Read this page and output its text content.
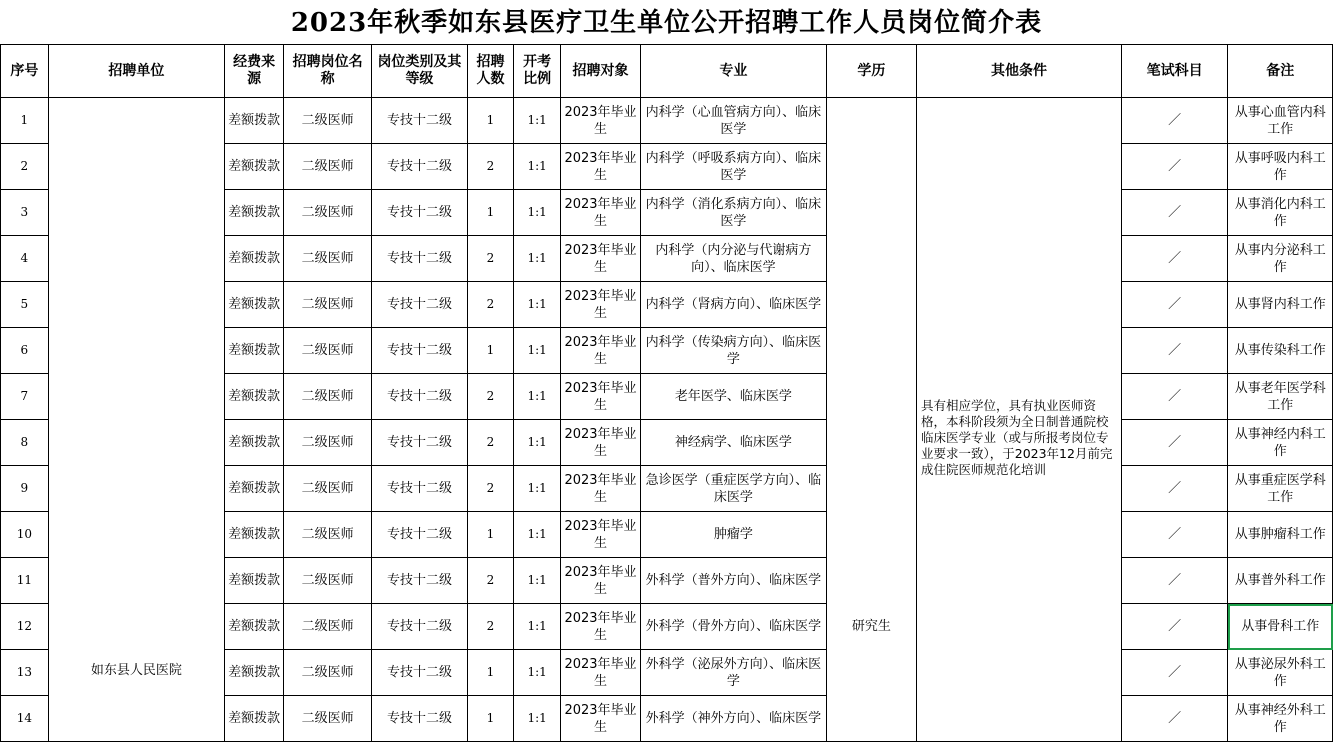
2023年秋季如东县医疗卫生单位公开招聘工作人员岗位简介表
序号	招聘单位	经费来源	招聘岗位名　称	岗位类别及其等级	招聘人数	开考比例	招聘对象	专业	学历	其他条件	笔试科目	备注
1	如东县人民医院	差额拨款	二级医师	专技十二级	1	1:1	2023年毕业生	内科学（心血管病方向）、临床医学	研究生	具有相应学位，具有执业医师资格，本科阶段须为全日制普通院校临床医学专业（或与所报考岗位专业要求一致），于2023年12月前完成住院医师规范化培训	／	从事心血管内科工作
2		差额拨款	二级医师	专技十二级	2	1:1	2023年毕业生	内科学（呼吸系病方向）、临床医学			／	从事呼吸内科工作
3		差额拨款	二级医师	专技十二级	1	1:1	2023年毕业生	内科学（消化系病方向）、临床医学			／	从事消化内科工作
4		差额拨款	二级医师	专技十二级	2	1:1	2023年毕业生	内科学（内分泌与代谢病方向）、临床医学			／	从事内分泌科工作
5		差额拨款	二级医师	专技十二级	2	1:1	2023年毕业生	内科学（肾病方向）、临床医学			／	从事肾内科工作
6		差额拨款	二级医师	专技十二级	1	1:1	2023年毕业生	内科学（传染病方向）、临床医学			／	从事传染科工作
7		差额拨款	二级医师	专技十二级	2	1:1	2023年毕业生	老年医学、临床医学			／	从事老年医学科工作
8		差额拨款	二级医师	专技十二级	2	1:1	2023年毕业生	神经病学、临床医学			／	从事神经内科工作
9		差额拨款	二级医师	专技十二级	2	1:1	2023年毕业生	急诊医学（重症医学方向）、临床医学			／	从事重症医学科工作
10		差额拨款	二级医师	专技十二级	1	1:1	2023年毕业生	肿瘤学			／	从事肿瘤科工作
11		差额拨款	二级医师	专技十二级	2	1:1	2023年毕业生	外科学（普外方向）、临床医学			／	从事普外科工作
12		差额拨款	二级医师	专技十二级	2	1:1	2023年毕业生	外科学（骨外方向）、临床医学			／	从事骨科工作
13		差额拨款	二级医师	专技十二级	1	1:1	2023年毕业生	外科学（泌尿外方向）、临床医学			／	从事泌尿外科工作
14		差额拨款	二级医师	专技十二级	1	1:1	2023年毕业生	外科学（神外方向）、临床医学			／	从事神经外科工作
